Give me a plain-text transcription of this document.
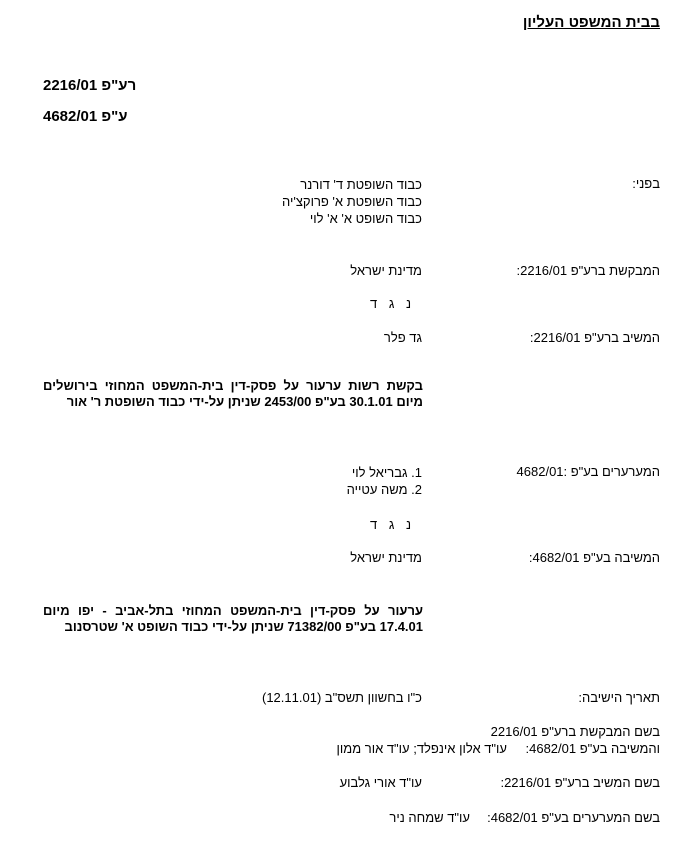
בבית המשפט העליון
2216/01 רע"פ
4682/01 ע"פ
בפני:
כבוד השופטת ד' דורנר
כבוד השופטת א' פרוקצ'יה
כבוד השופט א' א' לוי
המבקשת ברע"פ 2216/01:
מדינת ישראל
נ ג ד
המשיב ברע"פ 2216/01:
גד פלר
בקשת רשות ערעור על פסק-דין בית-המשפט המחוזי בירושלים מיום 30.1.01 בע"פ 2453/00 שניתן על-ידי כבוד השופטת ר' אור
המערערים בע"פ :4682/01
1. גבריאל לוי
2. משה עטייה
נ ג ד
המשיבה בע"פ 4682/01:
מדינת ישראל
ערעור על פסק-דין בית-המשפט המחוזי בתל-אביב - יפו מיום 17.4.01 בע"פ 71382/00 שניתן על-ידי כבוד השופט א' שטרסנוב
תאריך הישיבה:
כ"ו בחשוון תשס"ב (12.11.01)
בשם המבקשת ברע"פ 2216/01
והמשיבה בע"פ 4682/01:
עו"ד אלון אינפלד; עו"ד אור ממון
בשם המשיב ברע"פ 2216/01:
עו"ד אורי גלבוע
בשם המערערים בע"פ 4682/01:
עו"ד שמחה ניר
